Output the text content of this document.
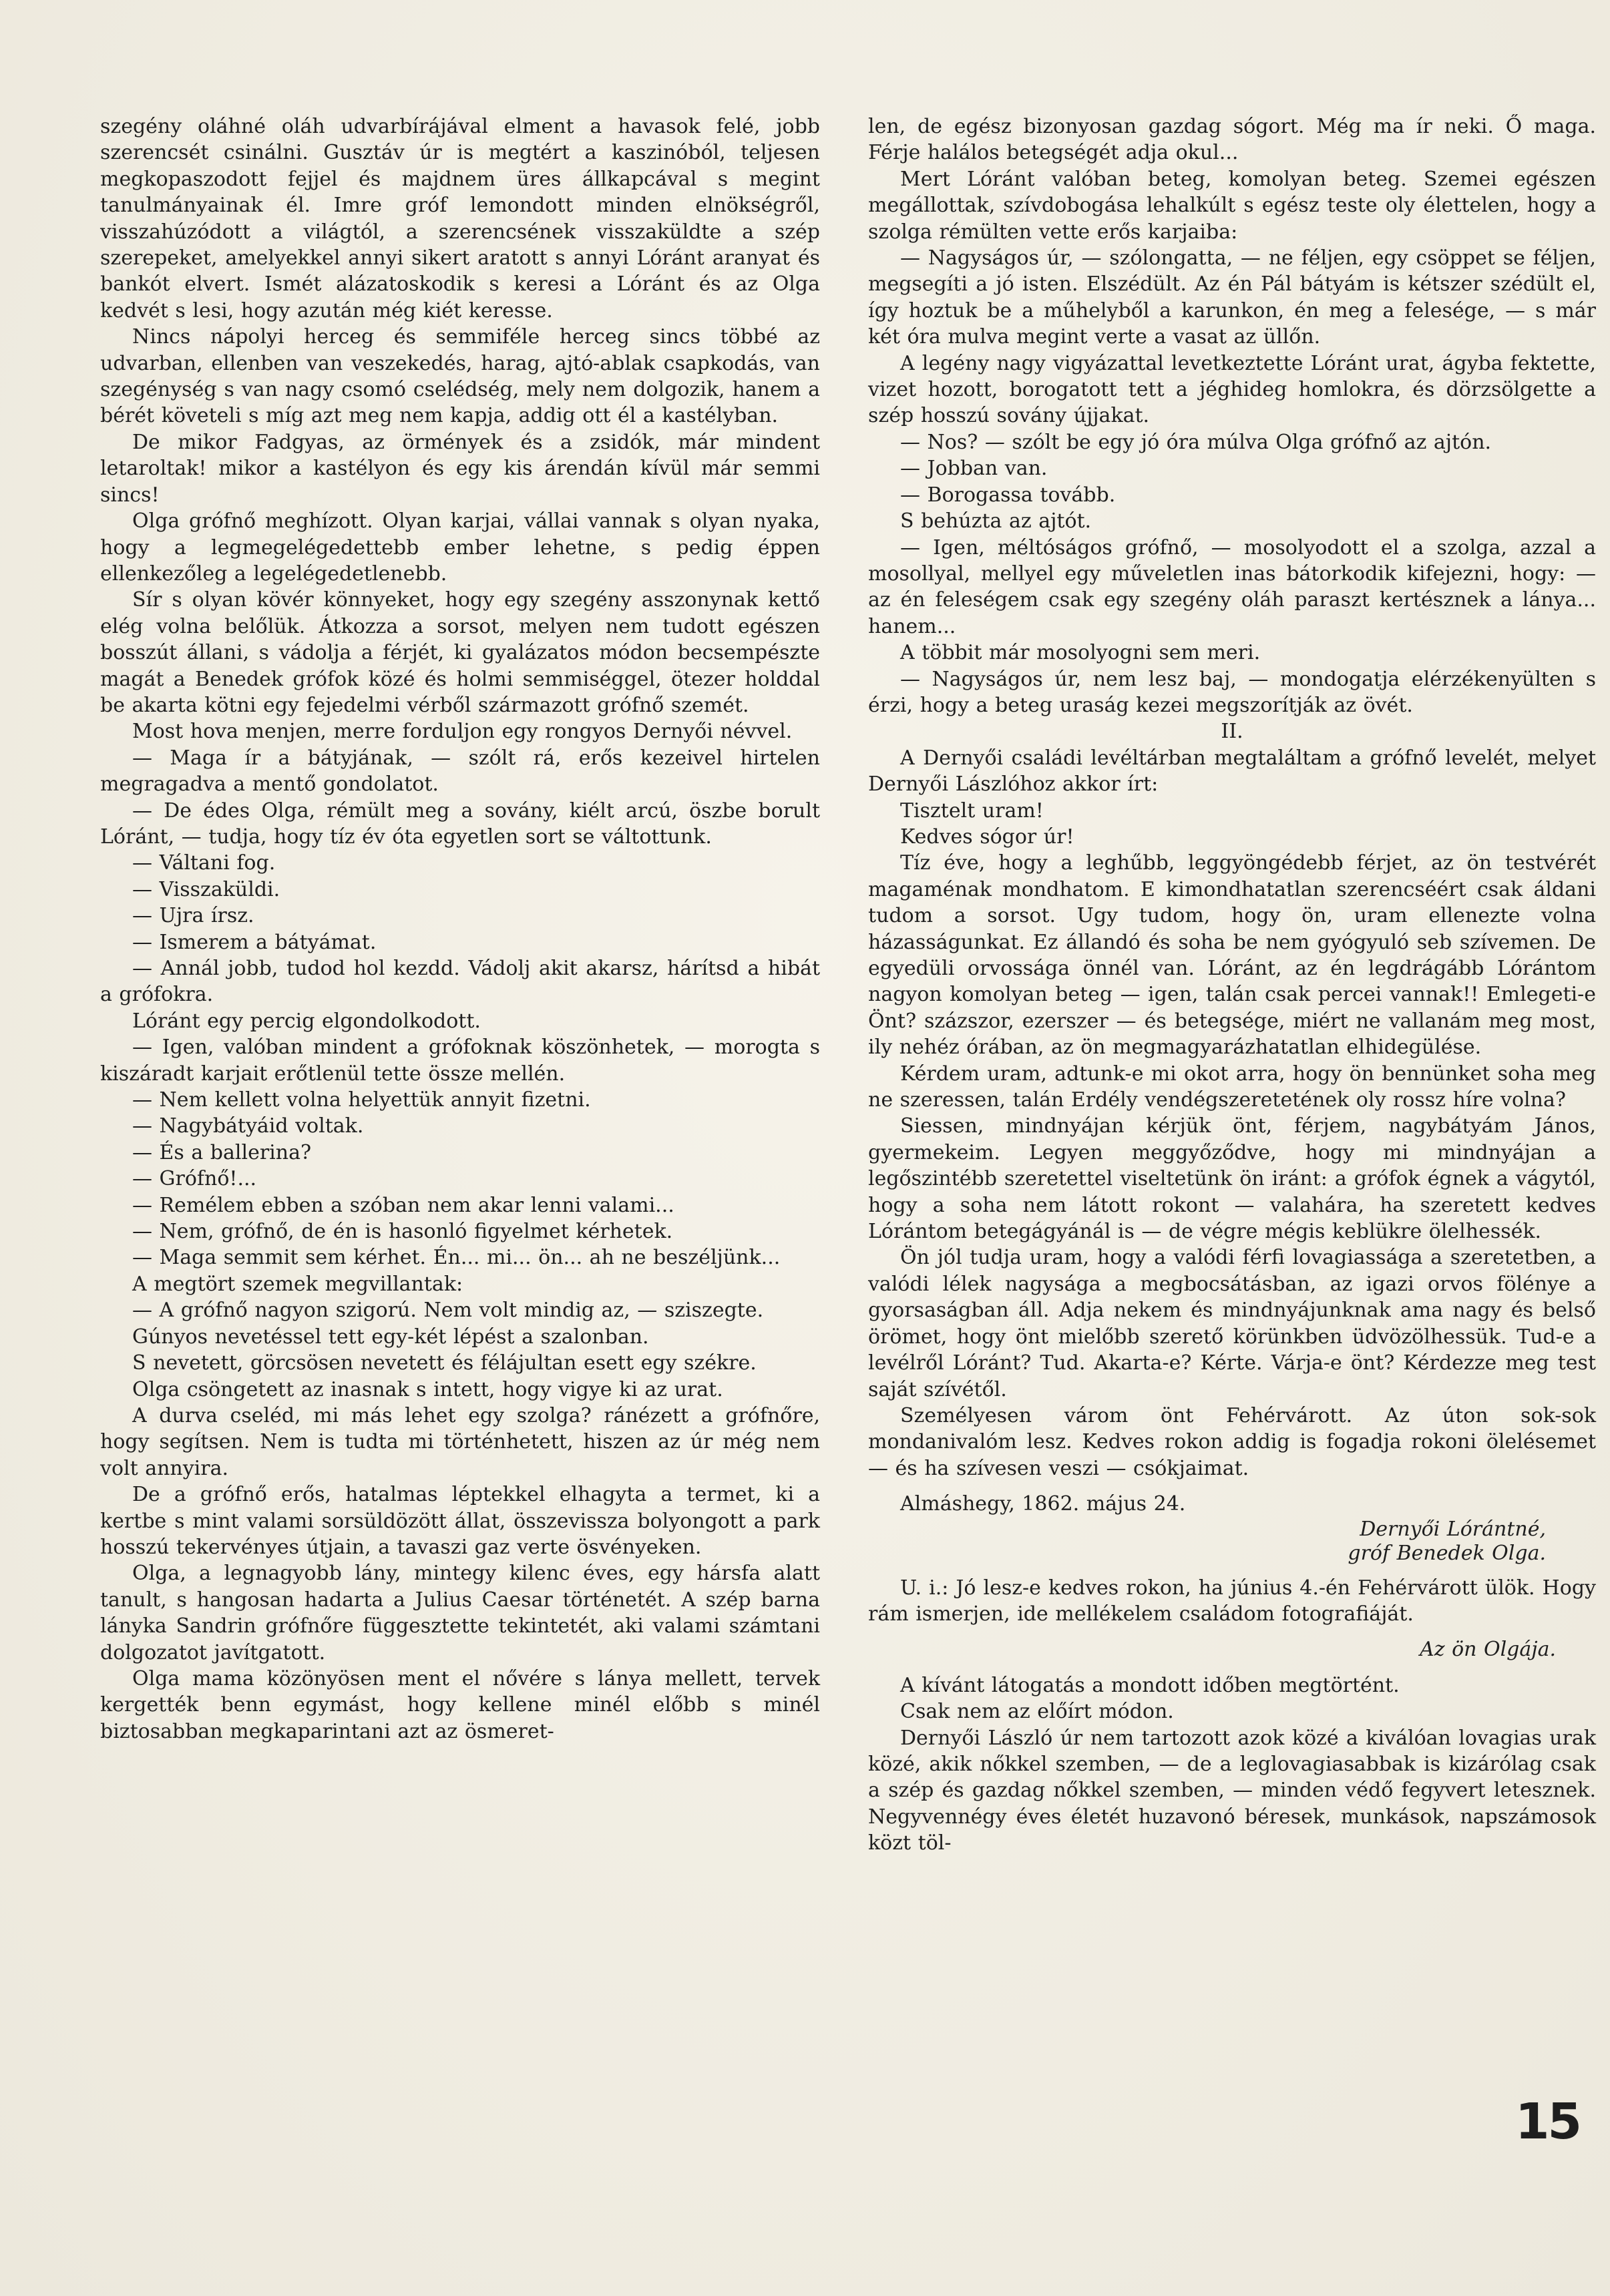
szegény oláhné oláh udvarbírájával elment a havasok felé, jobb szerencsét csinálni. Gusztáv úr is megtért a kaszinóból, teljesen megkopaszodott fejjel és majdnem üres állkapcával s megint tanulmányainak él. Imre gróf lemondott minden elnökségről, visszahúzódott a világtól, a szerencsének visszaküldte a szép szerepeket, amelyekkel annyi sikert aratott s annyi Lóránt aranyat és bankót elvert. Ismét alázatoskodik s keresi a Lóránt és az Olga kedvét s lesi, hogy azután még kiét keresse.

Nincs nápolyi herceg és semmiféle herceg sincs többé az udvarban, ellenben van veszekedés, harag, ajtó-ablak csapkodás, van szegénység s van nagy csomó cselédség, mely nem dolgozik, hanem a bérét követeli s míg azt meg nem kapja, addig ott él a kastélyban.

De mikor Fadgyas, az örmények és a zsidók, már mindent letaroltak! mikor a kastélyon és egy kis árendán kívül már semmi sincs!

Olga grófnő meghízott. Olyan karjai, vállai vannak s olyan nyaka, hogy a legmegelégedettebb ember lehetne, s pedig éppen ellenkezőleg a legelégedetlenebb.

Sír s olyan kövér könnyeket, hogy egy szegény asszonynak kettő elég volna belőlük. Átkozza a sorsot, melyen nem tudott egészen bosszút állani, s vádolja a férjét, ki gyalázatos módon becsempészte magát a Benedek grófok közé és holmi semmiséggel, ötezer holddal be akarta kötni egy fejedelmi vérből származott grófnő szemét.

Most hova menjen, merre forduljon egy rongyos Dernyői névvel.

— Maga ír a bátyjának, — szólt rá, erős kezeivel hirtelen megragadva a mentő gondolatot.

— De édes Olga, rémült meg a sovány, kiélt arcú, öszbe borult Lóránt, — tudja, hogy tíz év óta egyetlen sort se váltottunk.

— Váltani fog.

— Visszaküldi.

— Ujra írsz.

— Ismerem a bátyámat.

— Annál jobb, tudod hol kezdd. Vádolj akit akarsz, hárítsd a hibát a grófokra.

Lóránt egy percig elgondolkodott.

— Igen, valóban mindent a grófoknak köszönhetek, — morogta s kiszáradt karjait erőtlenül tette össze mellén.

— Nem kellett volna helyettük annyit fizetni.

— Nagybátyáid voltak.

— És a ballerina?

— Grófnő!...

— Remélem ebben a szóban nem akar lenni valami...

— Nem, grófnő, de én is hasonló figyelmet kérhetek.

— Maga semmit sem kérhet. Én... mi... ön... ah ne beszéljünk...

A megtört szemek megvillantak:

— A grófnő nagyon szigorú. Nem volt mindig az, — sziszegte.

Gúnyos nevetéssel tett egy-két lépést a szalonban.

S nevetett, görcsösen nevetett és félájultan esett egy székre.

Olga csöngetett az inasnak s intett, hogy vigye ki az urat.

A durva cseléd, mi más lehet egy szolga? ránézett a grófnőre, hogy segítsen. Nem is tudta mi történhetett, hiszen az úr még nem volt annyira.

De a grófnő erős, hatalmas léptekkel elhagyta a termet, ki a kertbe s mint valami sorsüldözött állat, összevissza bolyongott a park hosszú tekervényes útjain, a tavaszi gaz verte ösvényeken.

Olga, a legnagyobb lány, mintegy kilenc éves, egy hársfa alatt tanult, s hangosan hadarta a Julius Caesar történetét. A szép barna lányka Sandrin grófnőre függesztette tekintetét, aki valami számtani dolgozatot javítgatott.

Olga mama közönyösen ment el nővére s lánya mellett, tervek kergették benn egymást, hogy kellene minél előbb s minél biztosabban megkaparintani azt az ösmeret-

len, de egész bizonyosan gazdag sógort. Még ma ír neki. Ő maga. Férje halálos betegségét adja okul...

Mert Lóránt valóban beteg, komolyan beteg. Szemei egészen megállottak, szívdobogása lehalkúlt s egész teste oly élettelen, hogy a szolga rémülten vette erős karjaiba:

— Nagyságos úr, — szólongatta, — ne féljen, egy csöppet se féljen, megsegíti a jó isten. Elszédült. Az én Pál bátyám is kétszer szédült el, így hoztuk be a műhelyből a karunkon, én meg a felesége, — s már két óra mulva megint verte a vasat az üllőn.

A legény nagy vigyázattal levetkeztette Lóránt urat, ágyba fektette, vizet hozott, borogatott tett a jéghideg homlokra, és dörzsölgette a szép hosszú sovány újjakat.

— Nos? — szólt be egy jó óra múlva Olga grófnő az ajtón.

— Jobban van.

— Borogassa tovább.

S behúzta az ajtót.

— Igen, méltóságos grófnő, — mosolyodott el a szolga, azzal a mosollyal, mellyel egy műveletlen inas bátorkodik kifejezni, hogy: — az én feleségem csak egy szegény oláh paraszt kertésznek a lánya... hanem...

A többit már mosolyogni sem meri.

— Nagyságos úr, nem lesz baj, — mondogatja elérzékenyülten s érzi, hogy a beteg uraság kezei megszorítják az övét.

II.

A Dernyői családi levéltárban megtaláltam a grófnő levelét, melyet Dernyői Lászlóhoz akkor írt:

Tisztelt uram!

Kedves sógor úr!

Tíz éve, hogy a leghűbb, leggyöngédebb férjet, az ön testvérét magaménak mondhatom. E kimondhatatlan szerencséért csak áldani tudom a sorsot. Ugy tudom, hogy ön, uram ellenezte volna házasságunkat. Ez állandó és soha be nem gyógyuló seb szívemen. De egyedüli orvossága önnél van. Lóránt, az én legdrágább Lórántom nagyon komolyan beteg — igen, talán csak percei vannak!! Emlegeti-e Önt? százszor, ezerszer — és betegsége, miért ne vallanám meg most, ily nehéz órában, az ön megmagyarázhatatlan elhidegülése.

Kérdem uram, adtunk-e mi okot arra, hogy ön bennünket soha meg ne szeressen, talán Erdély vendégszeretetének oly rossz híre volna?

Siessen, mindnyájan kérjük önt, férjem, nagybátyám János, gyermekeim. Legyen meggyőződve, hogy mi mindnyájan a legőszintébb szeretettel viseltetünk ön iránt: a grófok égnek a vágytól, hogy a soha nem látott rokont — valahára, ha szeretett kedves Lórántom betegágyánál is — de végre mégis keblükre ölelhessék.

Ön jól tudja uram, hogy a valódi férfi lovagiassága a szeretetben, a valódi lélek nagysága a megbocsátásban, az igazi orvos fölénye a gyorsaságban áll. Adja nekem és mindnyájunknak ama nagy és belső örömet, hogy önt mielőbb szerető körünkben üdvözölhessük. Tud-e a levélről Lóránt? Tud. Akarta-e? Kérte. Várja-e önt? Kérdezze meg test saját szívétől.

Személyesen várom önt Fehérvárott. Az úton sok-sok mondanivalóm lesz. Kedves rokon addig is fogadja rokoni ölelésemet — és ha szívesen veszi — csókjaimat.

Almáshegy, 1862. május 24.

Dernyői Lórántné,

gróf Benedek Olga.

U. i.: Jó lesz-e kedves rokon, ha június 4.-én Fehérvárott ülök. Hogy rám ismerjen, ide mellékelem családom fotografiáját.

Az ön Olgája.

A kívánt látogatás a mondott időben megtörtént.

Csak nem az előírt módon.

Dernyői László úr nem tartozott azok közé a kiválóan lovagias urak közé, akik nőkkel szemben, — de a leglovagiasabbak is kizárólag csak a szép és gazdag nőkkel szemben, — minden védő fegyvert letesznek. Negyvennégy éves életét huzavonó béresek, munkások, napszámosok közt töl-

15
